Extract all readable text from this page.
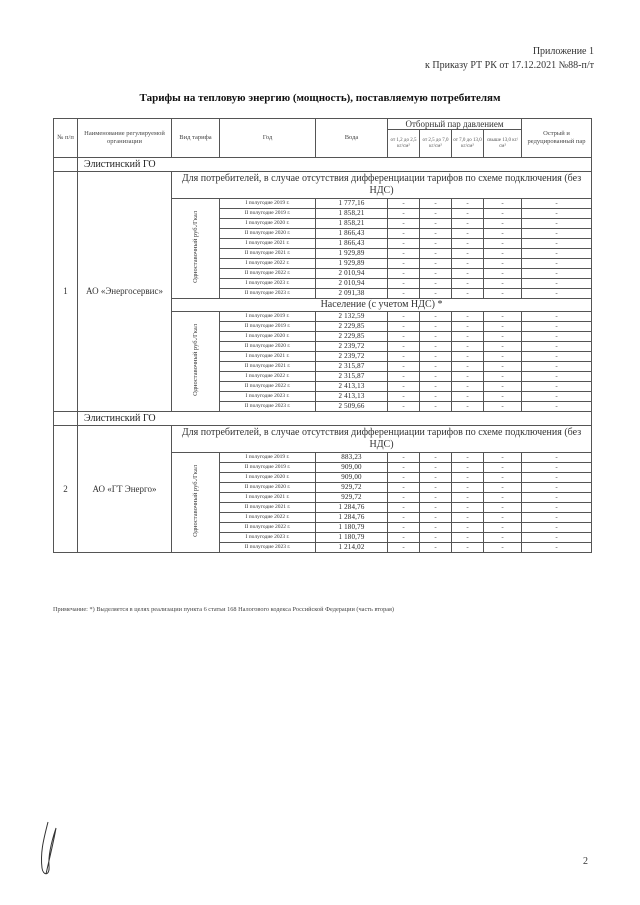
Приложение 1
к Приказу РТ РК от 17.12.2021 №88-п/т
Тарифы на тепловую энергию (мощность), поставляемую потребителям
№ п/п	Наименование регулируемой организации	Вид тарифа	Год	Вода	Отборный пар давлением				Острый и редуцированный пар
					от 1,2 до 2,5 кг/см²	от 2,5 до 7,0 кг/см²	от 7,0 до 13,0 кг/см²	свыше 13,0 кг/см²	
	Элистинский ГО								
1	АО «Энергосервис»	Для потребителей, в случае отсутствия дифференциации тарифов по схеме подключения (без НДС)							
		Одноставочный руб./Гкал	I полугодие 2019 г.	1 777,16	-	-	-	-	-
			II полугодие 2019 г.	1 858,21	-	-	-	-	-
			I полугодие 2020 г.	1 858,21	-	-	-	-	-
			II полугодие 2020 г.	1 866,43	-	-	-	-	-
			I полугодие 2021 г.	1 866,43	-	-	-	-	-
			II полугодие 2021 г.	1 929,89	-	-	-	-	-
			I полугодие 2022 г.	1 929,89	-	-	-	-	-
			II полугодие 2022 г.	2 010,94	-	-	-	-	-
			I полугодие 2023 г.	2 010,94	-	-	-	-	-
			II полугодие 2023 г.	2 091,38	-	-	-	-	-
		Население (с учетом НДС) *							
		Одноставочный руб./Гкал	I полугодие 2019 г.	2 132,59	-	-	-	-	-
			II полугодие 2019 г.	2 229,85	-	-	-	-	-
			I полугодие 2020 г.	2 229,85	-	-	-	-	-
			II полугодие 2020 г.	2 239,72	-	-	-	-	-
			I полугодие 2021 г.	2 239,72	-	-	-	-	-
			II полугодие 2021 г.	2 315,87	-	-	-	-	-
			I полугодие 2022 г.	2 315,87	-	-	-	-	-
			II полугодие 2022 г.	2 413,13	-	-	-	-	-
			I полугодие 2023 г.	2 413,13	-	-	-	-	-
			II полугодие 2023 г.	2 509,66	-	-	-	-	-
	Элистинский ГО								
2	АО «ГТ Энерго»	Для потребителей, в случае отсутствия дифференциации тарифов по схеме подключения (без НДС)							
		Одноставочный руб./Гкал	I полугодие 2019 г.	883,23	-	-	-	-	-
			II полугодие 2019 г.	909,00	-	-	-	-	-
			I полугодие 2020 г.	909,00	-	-	-	-	-
			II полугодие 2020 г.	929,72	-	-	-	-	-
			I полугодие 2021 г.	929,72	-	-	-	-	-
			II полугодие 2021 г.	1 284,76	-	-	-	-	-
			I полугодие 2022 г.	1 284,76	-	-	-	-	-
			II полугодие 2022 г.	1 180,79	-	-	-	-	-
			I полугодие 2023 г.	1 180,79	-	-	-	-	-
			II полугодие 2023 г.	1 214,02	-	-	-	-	-
Примечание: *) Выделяется в целях реализации пункта 6 статьи 168 Налогового кодекса Российской Федерации (часть вторая)
2
